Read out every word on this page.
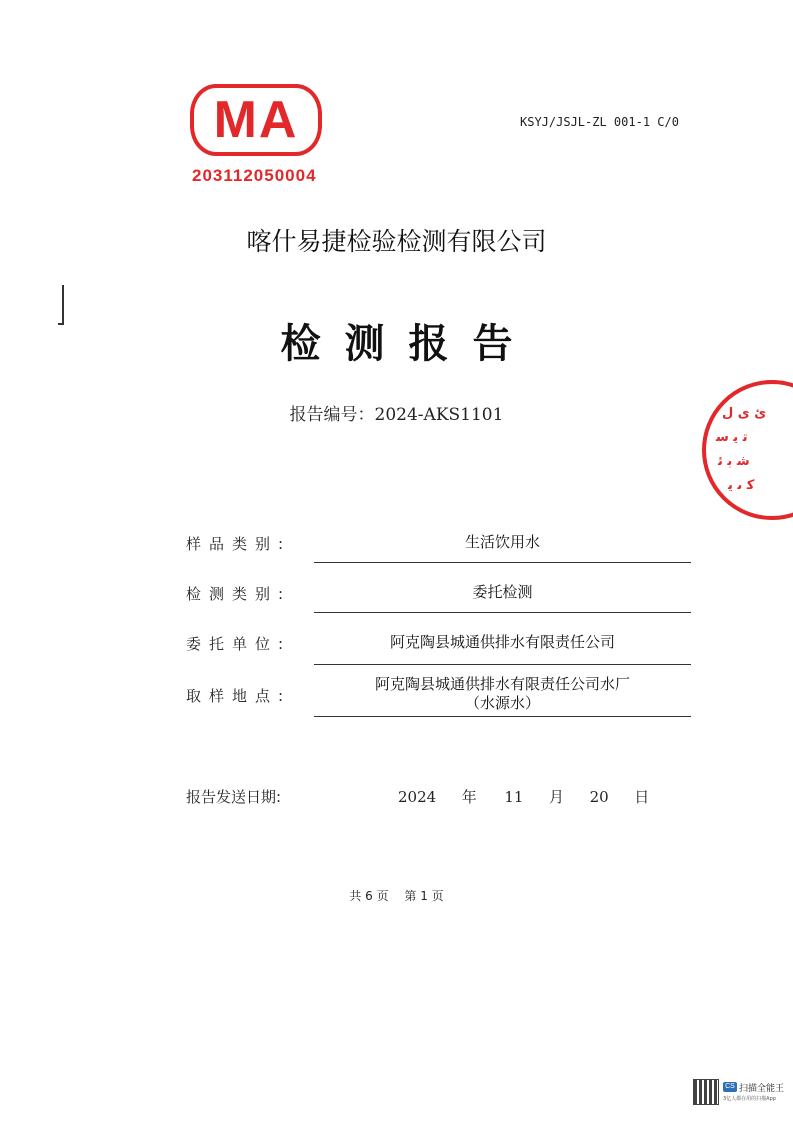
MA
203112050004
KSYJ/JSJL-ZL 001-1 C/0
喀什易捷检验检测有限公司
检测报告
报告编号：2024-AKS1101	ئ ى ل
ﺗ ﯾ ﺳ
ﺷ ﺑ ﺋ
ﻛ ﯨ ﯾ
样品类别:	生活饮用水
检测类别:	委托检测
委托单位:	阿克陶县城通供排水有限责任公司
取样地点:
阿克陶县城通供排水有限责任公司水厂
（水源水）
报告发送日期:	2024 年 11 月 20 日
共 6 页　 第 1 页
CS 扫描全能王
3亿人都在用的扫描App
